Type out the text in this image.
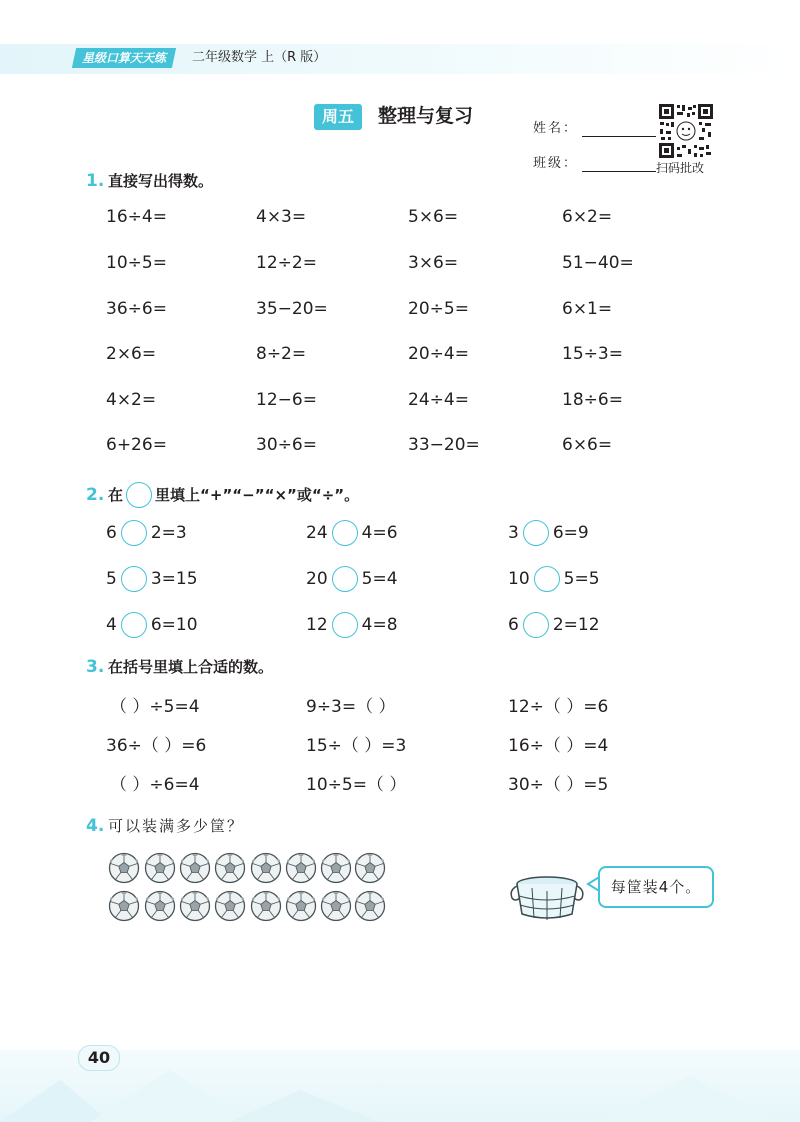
星级口算天天练	二年级数学 上（R 版）
周五	整理与复习
姓名：
班级：	扫码批改
1. 直接写出得数。
16÷4=	4×3=	5×6=	6×2=
10÷5=	12÷2=	3×6=	51−40=
36÷6=	35−20=	20÷5=	6×1=
2×6=	8÷2=	20÷4=	15÷3=
4×2=	12−6=	24÷4=	18÷6=
6+26=	30÷6=	33−20=	6×6=
2. 在 里填上“+”“−”“×”或“÷”。
6 2=3	24 4=6	3 6=9
5 3=15	20 5=4	10 5=5
4 6=10	12 4=8	6 2=12
3. 在括号里填上合适的数。
（ ）÷5=4	9÷3=（ ）	12÷（ ）=6
36÷（ ）=6	15÷（ ）=3	16÷（ ）=4
（ ）÷6=4	10÷5=（ ）	30÷（ ）=5
4. 可以装满多少筐？
每筐装4个。
40
